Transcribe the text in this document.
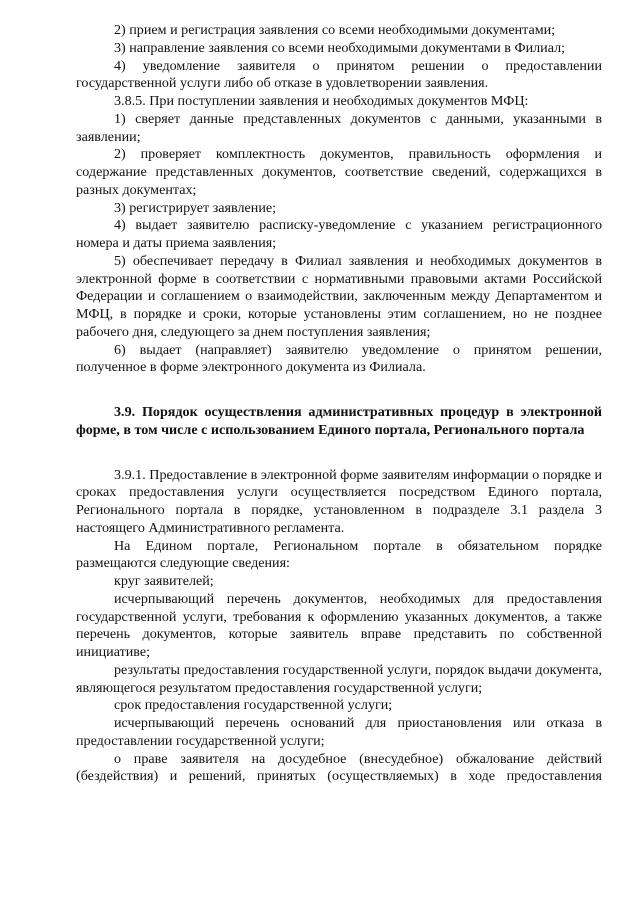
2) прием и регистрация заявления со всеми необходимыми документами;

3) направление заявления со всеми необходимыми документами в Филиал;

4) уведомление заявителя о принятом решении о предоставлении государственной услуги либо об отказе в удовлетворении заявления.

3.8.5. При поступлении заявления и необходимых документов МФЦ:

1) сверяет данные представленных документов с данными, указанными в заявлении;

2) проверяет комплектность документов, правильность оформления и содержание представленных документов, соответствие сведений, содержащихся в разных документах;

3) регистрирует заявление;

4) выдает заявителю расписку-уведомление с указанием регистрационного номера и даты приема заявления;

5) обеспечивает передачу в Филиал заявления и необходимых документов в электронной форме в соответствии с нормативными правовыми актами Российской Федерации и соглашением о взаимодействии, заключенным между Департаментом и МФЦ, в порядке и сроки, которые установлены этим соглашением, но не позднее рабочего дня, следующего за днем поступления заявления;

6) выдает (направляет) заявителю уведомление о принятом решении, полученное в форме электронного документа из Филиала.

3.9. Порядок осуществления административных процедур в электронной форме, в том числе с использованием Единого портала, Регионального портала

3.9.1. Предоставление в электронной форме заявителям информации о порядке и сроках предоставления услуги осуществляется посредством Единого портала, Регионального портала в порядке, установленном в подразделе 3.1 раздела 3 настоящего Административного регламента.

На Едином портале, Региональном портале в обязательном порядке размещаются следующие сведения:

круг заявителей;

исчерпывающий перечень документов, необходимых для предоставления государственной услуги, требования к оформлению указанных документов, а также перечень документов, которые заявитель вправе представить по собственной инициативе;

результаты предоставления государственной услуги, порядок выдачи документа, являющегося результатом предоставления государственной услуги;

срок предоставления государственной услуги;

исчерпывающий перечень оснований для приостановления или отказа в предоставлении государственной услуги;

о праве заявителя на досудебное (внесудебное) обжалование действий (бездействия) и решений, принятых (осуществляемых) в ходе предоставления
